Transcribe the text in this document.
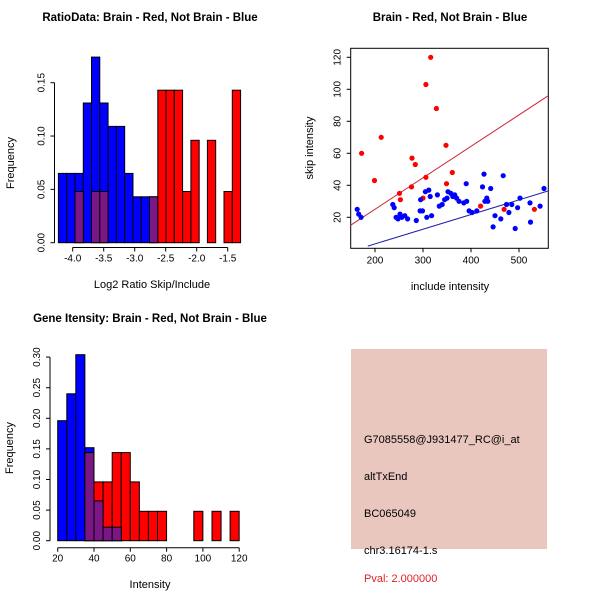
RatioData: Brain - Red, Not Brain - Blue
Log2 Ratio Skip/Include
Frequency
0.00
0.05
0.10
0.15
-4.0 -3.5 -3.0 -2.5 -2.0 -1.5
Brain - Red, Not Brain - Blue
include intensity
skip intensity
20
40
60
80
100
120
200	300	400	500
Gene Itensity: Brain - Red, Not Brain - Blue
Intensity
Frequency
0.00
0.05
0.10
0.15
0.20
0.25
0.30
20	40	60	80 100 120
G7085558@J931477_RC@i_at
altTxEnd
BC065049
chr3.16174-1.s
Pval: 2.000000
